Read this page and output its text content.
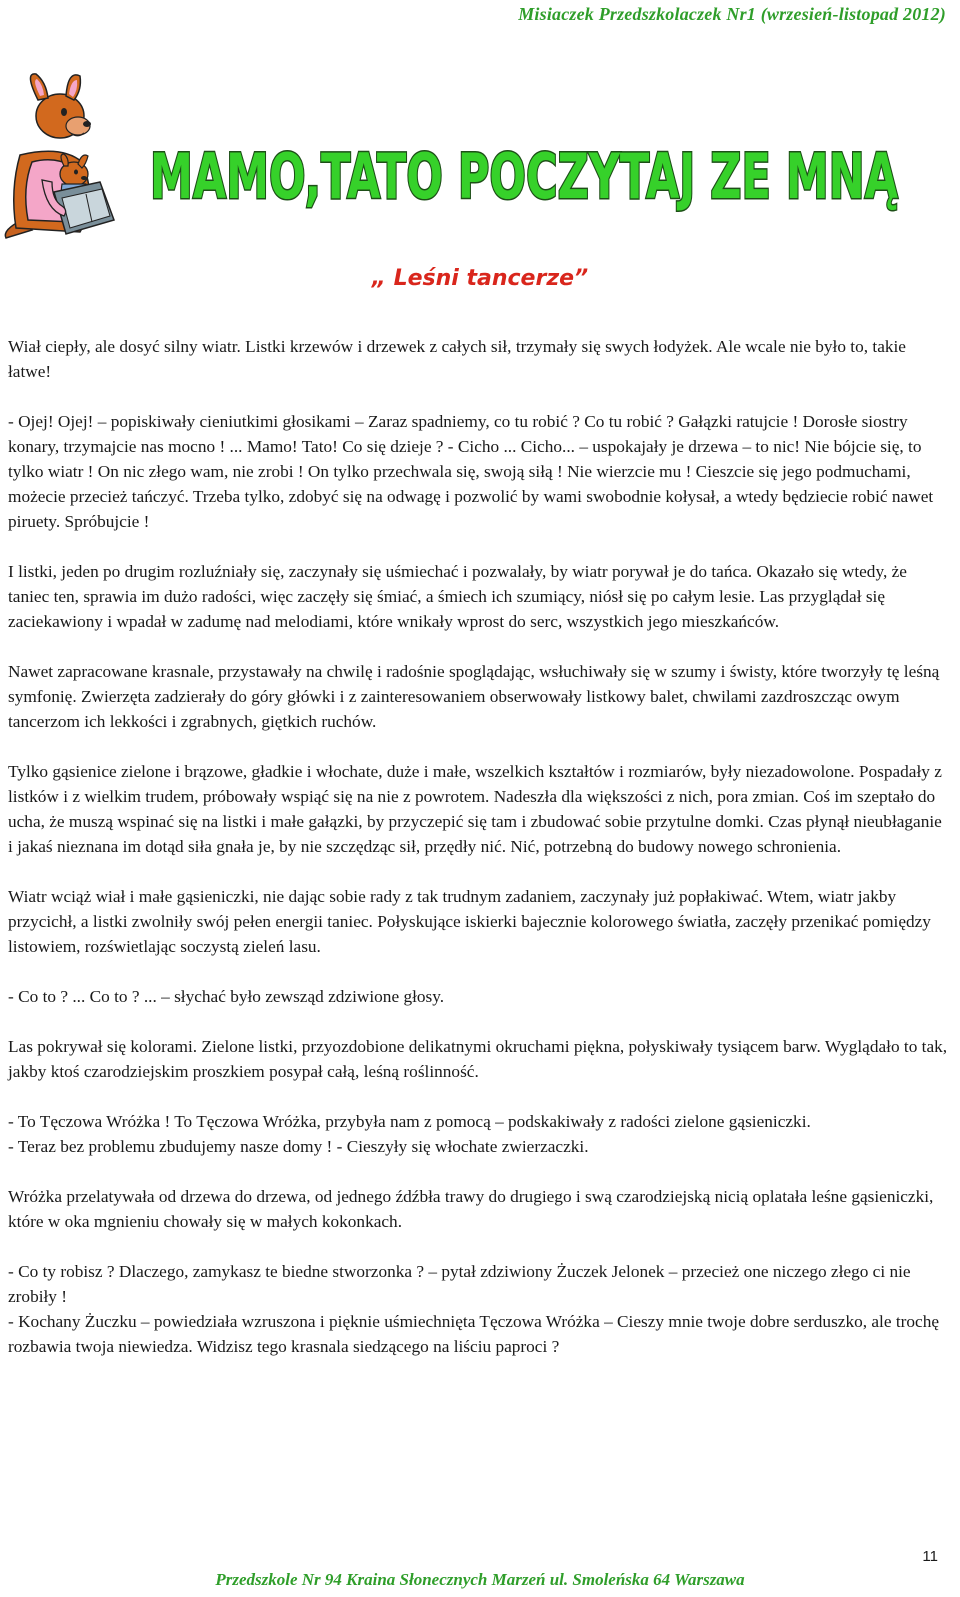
Misiaczek Przedszkolaczek Nr1 (wrzesień-listopad 2012)
MAMO,TATO POCZYTAJ ZE MNĄ
„ Leśni tancerze”

Wiał ciepły, ale dosyć silny wiatr. Listki krzewów i drzewek z całych sił, trzymały się swych łodyżek. Ale wcale nie było to, takie łatwe!

- Ojej! Ojej! – popiskiwały cieniutkimi głosikami – Zaraz spadniemy, co tu robić ? Co tu robić ? Gałązki ratujcie ! Dorosłe siostry konary, trzymajcie nas mocno ! ... Mamo! Tato! Co się dzieje ? - Cicho ... Cicho... – uspokajały je drzewa – to nic! Nie bójcie się, to tylko wiatr ! On nic złego wam, nie zrobi ! On tylko przechwala się, swoją siłą ! Nie wierzcie mu ! Cieszcie się jego podmuchami, możecie przecież tańczyć. Trzeba tylko, zdobyć się na odwagę i pozwolić by wami swobodnie kołysał, a wtedy będziecie robić nawet piruety. Spróbujcie !

I listki, jeden po drugim rozluźniały się, zaczynały się uśmiechać i pozwalały, by wiatr porywał je do tańca. Okazało się wtedy, że taniec ten, sprawia im dużo radości, więc zaczęły się śmiać, a śmiech ich szumiący, niósł się po całym lesie. Las przyglądał się zaciekawiony i wpadał w zadumę nad melodiami, które wnikały wprost do serc, wszystkich jego mieszkańców.

Nawet zapracowane krasnale, przystawały na chwilę i radośnie spoglądając, wsłuchiwały się w szumy i świsty, które tworzyły tę leśną symfonię. Zwierzęta zadzierały do góry główki i z zainteresowaniem obserwowały listkowy balet, chwilami zazdroszcząc owym tancerzom ich lekkości i zgrabnych, giętkich ruchów.

Tylko gąsienice zielone i brązowe, gładkie i włochate, duże i małe, wszelkich kształtów i rozmiarów, były niezadowolone. Pospadały z listków i z wielkim trudem, próbowały wspiąć się na nie z powrotem. Nadeszła dla większości z nich, pora zmian. Coś im szeptało do ucha, że muszą wspinać się na listki i małe gałązki, by przyczepić się tam i zbudować sobie przytulne domki. Czas płynął nieubłaganie i jakaś nieznana im dotąd siła gnała je, by nie szczędząc sił, przędły nić. Nić, potrzebną do budowy nowego schronienia.

Wiatr wciąż wiał i małe gąsieniczki, nie dając sobie rady z tak trudnym zadaniem, zaczynały już popłakiwać. Wtem, wiatr jakby przycichł, a listki zwolniły swój pełen energii taniec. Połyskujące iskierki bajecznie kolorowego światła, zaczęły przenikać pomiędzy listowiem, rozświetlając soczystą zieleń lasu.

- Co to ? ... Co to ? ... – słychać było zewsząd zdziwione głosy.

Las pokrywał się kolorami. Zielone listki, przyozdobione delikatnymi okruchami piękna, połyskiwały tysiącem barw. Wyglądało to tak, jakby ktoś czarodziejskim proszkiem posypał całą, leśną roślinność.

- To Tęczowa Wróżka ! To Tęczowa Wróżka, przybyła nam z pomocą – podskakiwały z radości zielone gąsieniczki.

- Teraz bez problemu zbudujemy nasze domy ! - Cieszyły się włochate zwierzaczki.

Wróżka przelatywała od drzewa do drzewa, od jednego źdźbła trawy do drugiego i swą czarodziejską nicią oplatała leśne gąsieniczki, które w oka mgnieniu chowały się w małych kokonkach.

- Co ty robisz ? Dlaczego, zamykasz te biedne stworzonka ? – pytał zdziwiony Żuczek Jelonek – przecież one niczego złego ci nie zrobiły !

- Kochany Żuczku – powiedziała wzruszona i pięknie uśmiechnięta Tęczowa Wróżka – Cieszy mnie twoje dobre serduszko, ale trochę rozbawia twoja niewiedza. Widzisz tego krasnala siedzącego na liściu paproci ?

11
Przedszkole Nr 94 Kraina Słonecznych Marzeń ul. Smoleńska 64 Warszawa
